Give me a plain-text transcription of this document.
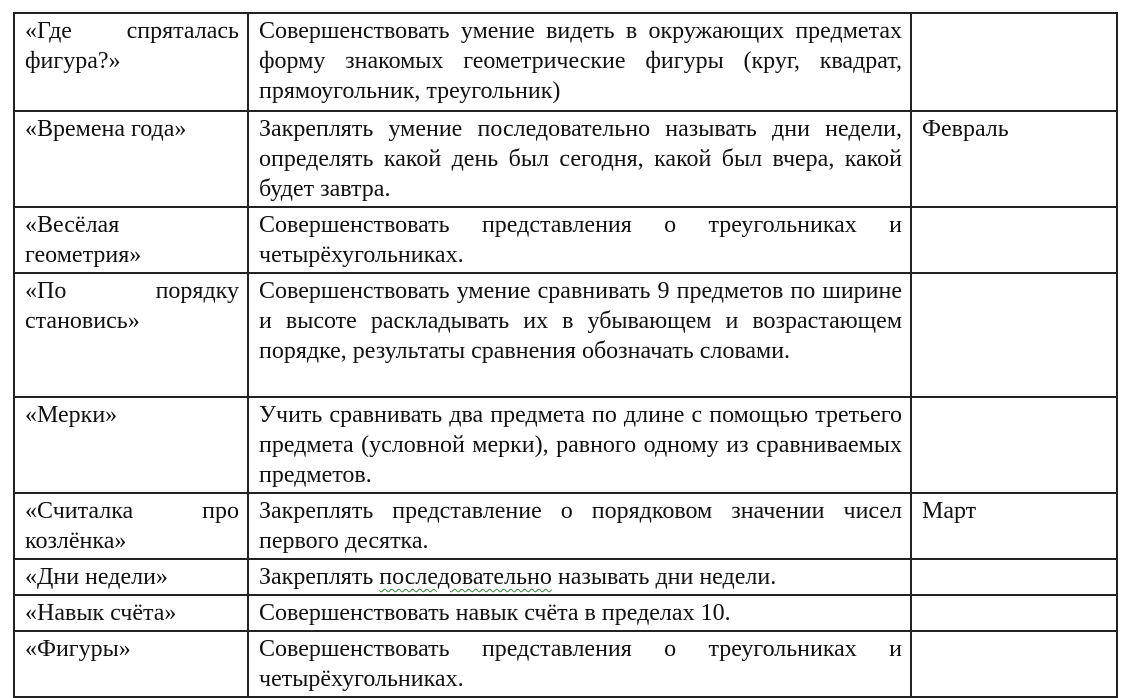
«Где спряталась фигура?»	Совершенствовать умение видеть в окружающих предметах форму знакомых геометрические фигуры (круг, квадрат, прямоугольник, треугольник)	
«Времена года»	Закреплять умение последовательно называть дни недели, определять какой день был сегодня, какой был вчера, какой будет завтра.	Февраль
«Весёлая геометрия»	Совершенствовать представления о треугольниках и четырёхугольниках.	
«По порядку становись»	Совершенствовать умение сравнивать 9 предметов по ширине и высоте раскладывать их в убывающем и возрастающем порядке, результаты сравнения обозначать словами.	
«Мерки»	Учить сравнивать два предмета по длине с помощью третьего предмета (условной мерки), равного одному из сравниваемых предметов.	
«Считалка про козлёнка»	Закреплять представление о порядковом значении чисел первого десятка.	Март
«Дни недели»	Закреплять последовательно называть дни недели.	
«Навык счёта»	Совершенствовать навык счёта в пределах 10.	
«Фигуры»	Совершенствовать представления о треугольниках и четырёхугольниках.	
